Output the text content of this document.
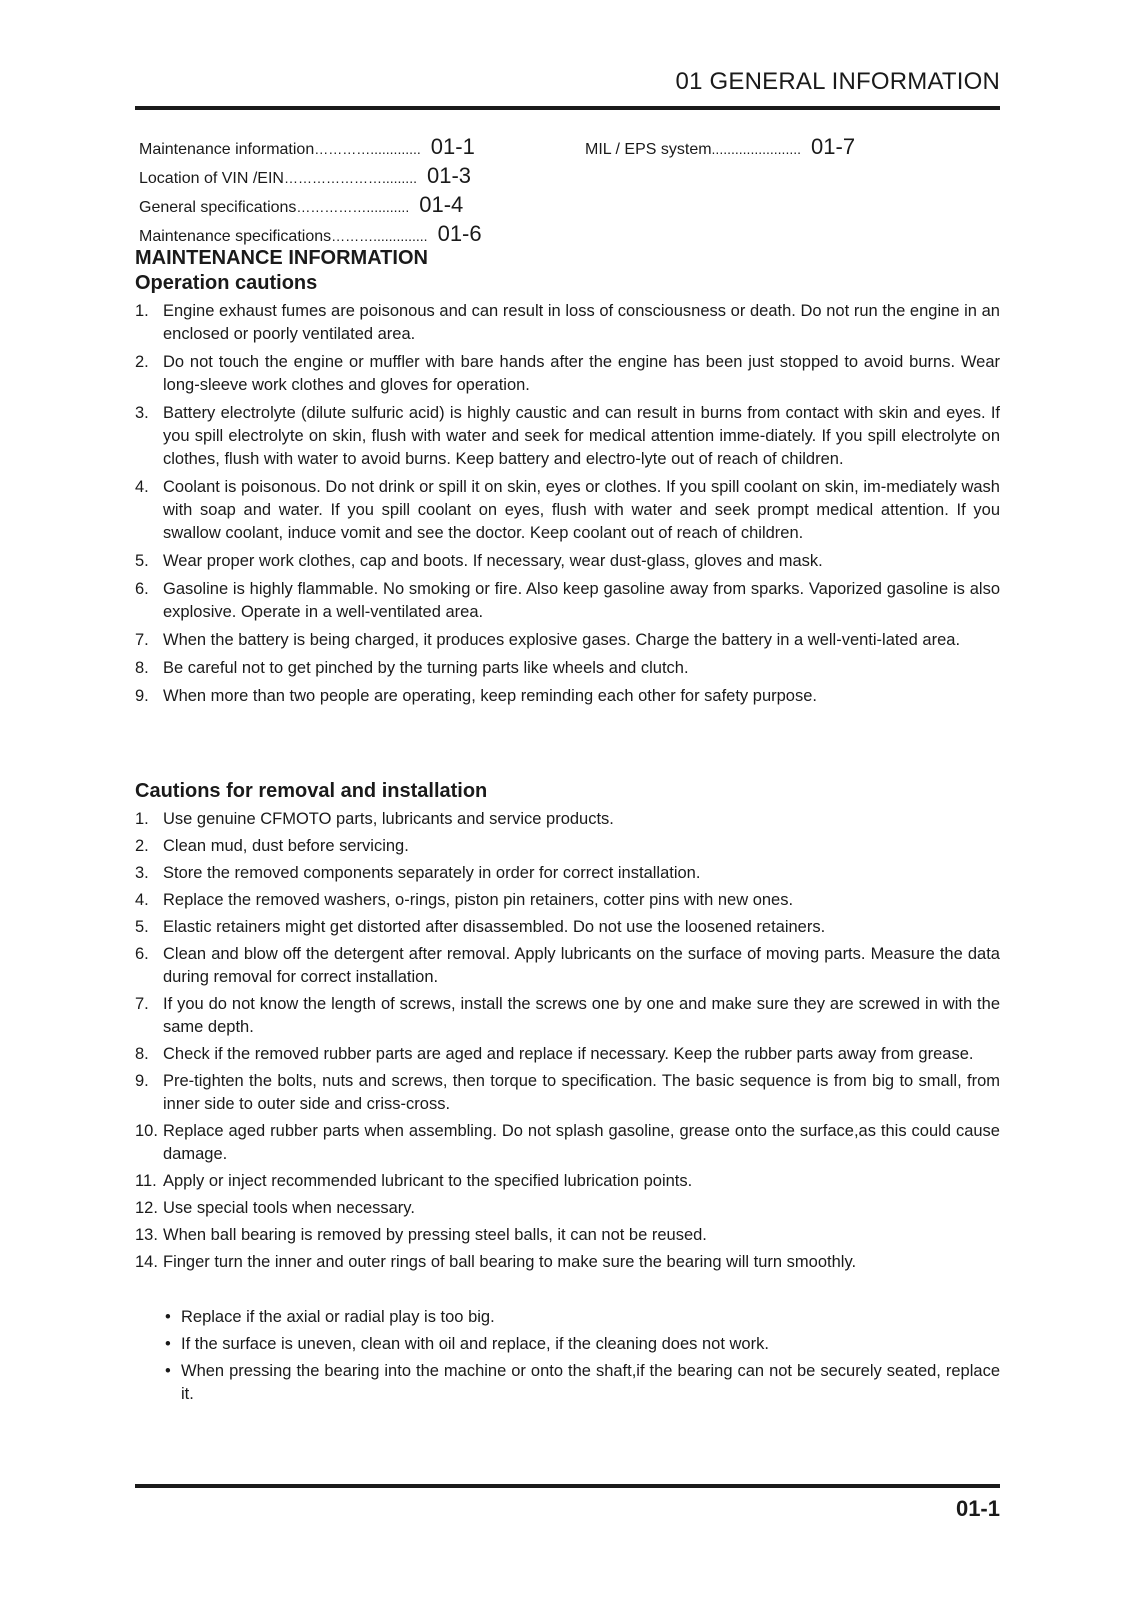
01 GENERAL INFORMATION
Maintenance information …………............. 01-1
Location of VIN /EIN …………………......... 01-3
General specifications ……………........... 01-4
Maintenance specifications ……….............. 01-6
MIL / EPS system ....................... 01-7
MAINTENANCE INFORMATION
Operation cautions
1. Engine exhaust fumes are poisonous and can result in loss of consciousness or death. Do not run the engine in an enclosed or poorly ventilated area.
2. Do not touch the engine or muffler with bare hands after the engine has been just stopped to avoid burns. Wear long-sleeve work clothes and gloves for operation.
3. Battery electrolyte (dilute sulfuric acid) is highly caustic and can result in burns from contact with skin and eyes. If you spill electrolyte on skin, flush with water and seek for medical attention imme-diately. If you spill electrolyte on clothes, flush with water to avoid burns. Keep battery and electro-lyte out of reach of children.
4. Coolant is poisonous. Do not drink or spill it on skin, eyes or clothes. If you spill coolant on skin, im-mediately wash with soap and water. If you spill coolant on eyes, flush with water and seek prompt medical attention. If you swallow coolant, induce vomit and see the doctor. Keep coolant out of reach of children.
5. Wear proper work clothes, cap and boots. If necessary, wear dust-glass, gloves and mask.
6. Gasoline is highly flammable. No smoking or fire. Also keep gasoline away from sparks. Vaporized gasoline is also explosive. Operate in a well-ventilated area.
7. When the battery is being charged, it produces explosive gases. Charge the battery in a well-venti-lated area.
8. Be careful not to get pinched by the turning parts like wheels and clutch.
9. When more than two people are operating, keep reminding each other for safety purpose.
Cautions for removal and installation
1. Use genuine CFMOTO parts, lubricants and service products.
2. Clean mud, dust before servicing.
3. Store the removed components separately in order for correct installation.
4. Replace the removed washers, o-rings, piston pin retainers, cotter pins with new ones.
5. Elastic retainers might get distorted after disassembled. Do not use the loosened retainers.
6. Clean and blow off the detergent after removal. Apply lubricants on the surface of moving parts. Measure the data during removal for correct installation.
7. If you do not know the length of screws, install the screws one by one and make sure they are screwed in with the same depth.
8. Check if the removed rubber parts are aged and replace if necessary. Keep the rubber parts away from grease.
9. Pre-tighten the bolts, nuts and screws, then torque to specification. The basic sequence is from big to small, from inner side to outer side and criss-cross.
10. Replace aged rubber parts when assembling. Do not splash gasoline, grease onto the surface,as this could cause damage.
11. Apply or inject recommended lubricant to the specified lubrication points.
12. Use special tools when necessary.
13. When ball bearing is removed by pressing steel balls, it can not be reused.
14. Finger turn the inner and outer rings of ball bearing to make sure the bearing will turn smoothly.
• Replace if the axial or radial play is too big.
• If the surface is uneven, clean with oil and replace, if the cleaning does not work.
• When pressing the bearing into the machine or onto the shaft,if the bearing can not be securely seated, replace it.
01-1
